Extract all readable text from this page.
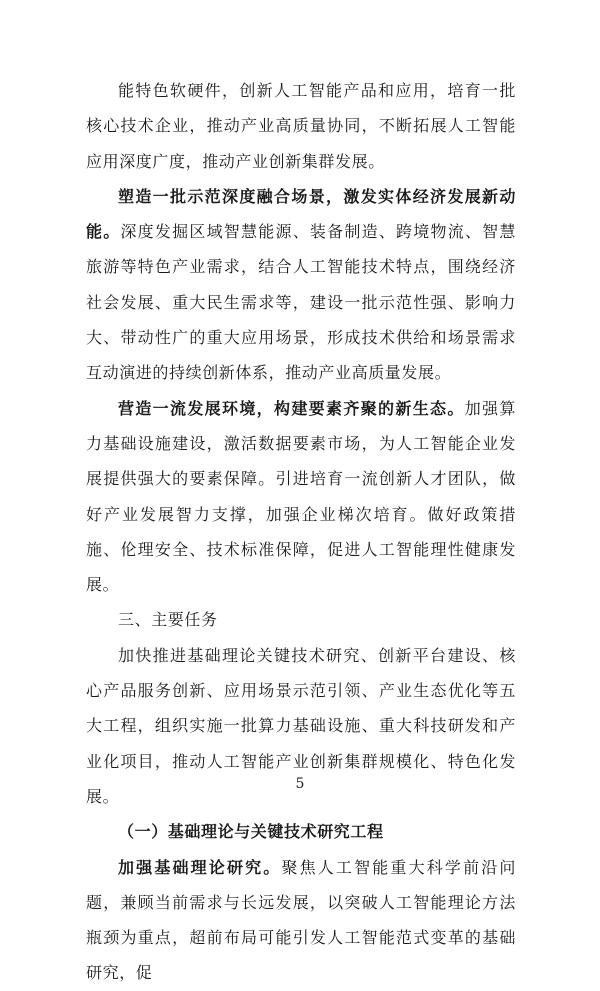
能特色软硬件，创新人工智能产品和应用，培育一批核心技术企业，推动产业高质量协同，不断拓展人工智能应用深度广度，推动产业创新集群发展。

塑造一批示范深度融合场景，激发实体经济发展新动能。深度发掘区域智慧能源、装备制造、跨境物流、智慧旅游等特色产业需求，结合人工智能技术特点，围绕经济社会发展、重大民生需求等，建设一批示范性强、影响力大、带动性广的重大应用场景，形成技术供给和场景需求互动演进的持续创新体系，推动产业高质量发展。

营造一流发展环境，构建要素齐聚的新生态。加强算力基础设施建设，激活数据要素市场，为人工智能企业发展提供强大的要素保障。引进培育一流创新人才团队，做好产业发展智力支撑，加强企业梯次培育。做好政策措施、伦理安全、技术标准保障，促进人工智能理性健康发展。

三、主要任务

加快推进基础理论关键技术研究、创新平台建设、核心产品服务创新、应用场景示范引领、产业生态优化等五大工程，组织实施一批算力基础设施、重大科技研发和产业化项目，推动人工智能产业创新集群规模化、特色化发展。

（一）基础理论与关键技术研究工程

加强基础理论研究。聚焦人工智能重大科学前沿问题，兼顾当前需求与长远发展，以突破人工智能理论方法瓶颈为重点，超前布局可能引发人工智能范式变革的基础研究，促

5
